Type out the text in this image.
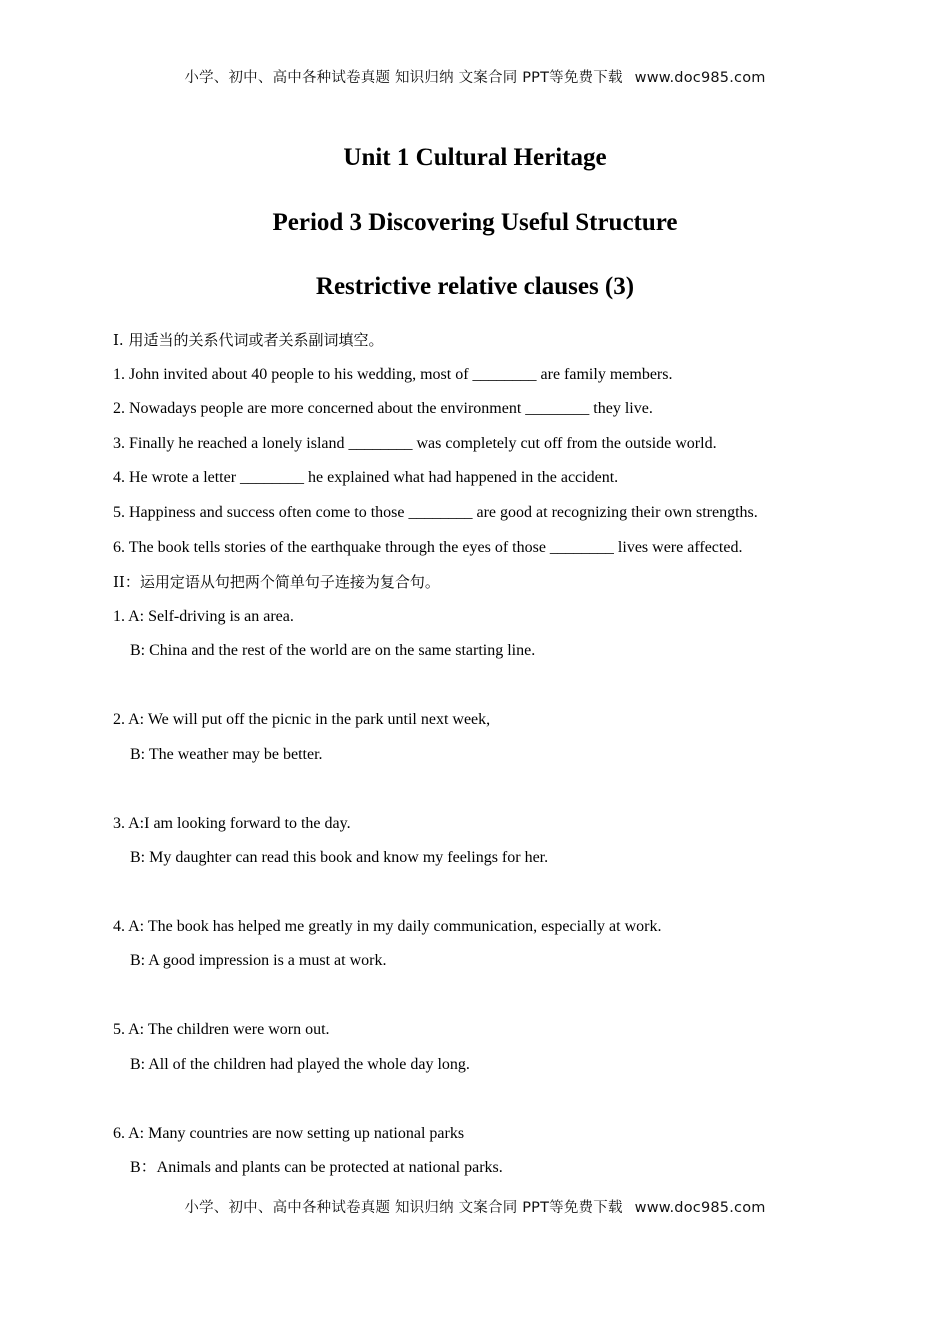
小学、初中、高中各种试卷真题 知识归纳 文案合同 PPT等免费下载 www.doc985.com
Unit 1 Cultural Heritage
Period 3 Discovering Useful Structure
Restrictive relative clauses (3)
I. 用适当的关系代词或者关系副词填空。
1. John invited about 40 people to his wedding, most of ________ are family members.
2. Nowadays people are more concerned about the environment ________ they live.
3. Finally he reached a lonely island ________ was completely cut off from the outside world.
4. He wrote a letter ________ he explained what had happened in the accident.
5. Happiness and success often come to those ________ are good at recognizing their own strengths.
6. The book tells stories of the earthquake through the eyes of those ________ lives were affected.
II：运用定语从句把两个简单句子连接为复合句。
1. A: Self-driving is an area.
B: China and the rest of the world are on the same starting line.
2. A: We will put off the picnic in the park until next week,
B: The weather may be better.
3. A:I am looking forward to the day.
B: My daughter can read this book and know my feelings for her.
4. A: The book has helped me greatly in my daily communication, especially at work.
B: A good impression is a must at work.
5. A: The children were worn out.
B: All of the children had played the whole day long.
6. A: Many countries are now setting up national parks
B：Animals and plants can be protected at national parks.
小学、初中、高中各种试卷真题 知识归纳 文案合同 PPT等免费下载 www.doc985.com
